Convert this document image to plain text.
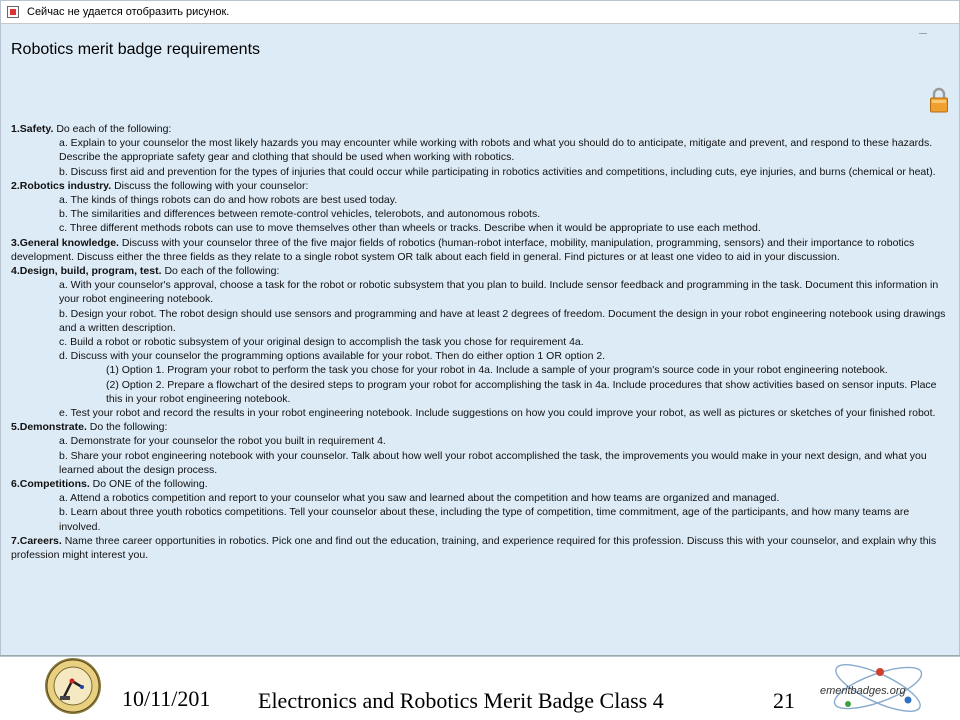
Сейчас не удается отобразить рисунок.
Robotics merit badge requirements
1.Safety. Do each of the following:
a. Explain to your counselor the most likely hazards you may encounter while working with robots and what you should do to anticipate, mitigate and prevent, and respond to these hazards. Describe the appropriate safety gear and clothing that should be used when working with robotics.
b. Discuss first aid and prevention for the types of injuries that could occur while participating in robotics activities and competitions, including cuts, eye injuries, and burns (chemical or heat).
2.Robotics industry. Discuss the following with your counselor:
a. The kinds of things robots can do and how robots are best used today.
b. The similarities and differences between remote-control vehicles, telerobots, and autonomous robots.
c. Three different methods robots can use to move themselves other than wheels or tracks. Describe when it would be appropriate to use each method.
3.General knowledge. Discuss with your counselor three of the five major fields of robotics (human-robot interface, mobility, manipulation, programming, sensors) and their importance to robotics development. Discuss either the three fields as they relate to a single robot system OR talk about each field in general. Find pictures or at least one video to aid in your discussion.
4.Design, build, program, test. Do each of the following:
a. With your counselor's approval, choose a task for the robot or robotic subsystem that you plan to build. Include sensor feedback and programming in the task. Document this information in your robot engineering notebook.
b. Design your robot. The robot design should use sensors and programming and have at least 2 degrees of freedom. Document the design in your robot engineering notebook using drawings and a written description.
c. Build a robot or robotic subsystem of your original design to accomplish the task you chose for requirement 4a.
d. Discuss with your counselor the programming options available for your robot. Then do either option 1 OR option 2.
(1) Option 1. Program your robot to perform the task you chose for your robot in 4a. Include a sample of your program's source code in your robot engineering notebook.
(2) Option 2. Prepare a flowchart of the desired steps to program your robot for accomplishing the task in 4a. Include procedures that show activities based on sensor inputs. Place this in your robot engineering notebook.
e. Test your robot and record the results in your robot engineering notebook. Include suggestions on how you could improve your robot, as well as pictures or sketches of your finished robot.
5.Demonstrate. Do the following:
a. Demonstrate for your counselor the robot you built in requirement 4.
b. Share your robot engineering notebook with your counselor. Talk about how well your robot accomplished the task, the improvements you would make in your next design, and what you learned about the design process.
6.Competitions. Do ONE of the following.
a. Attend a robotics competition and report to your counselor what you saw and learned about the competition and how teams are organized and managed.
b. Learn about three youth robotics competitions. Tell your counselor about these, including the type of competition, time commitment, age of the participants, and how many teams are involved.
7.Careers. Name three career opportunities in robotics. Pick one and find out the education, training, and experience required for this profession. Discuss this with your counselor, and explain why this profession might interest you.
10/11/201 Electronics and Robotics Merit Badge Class 4	21 emeritbadges.org
